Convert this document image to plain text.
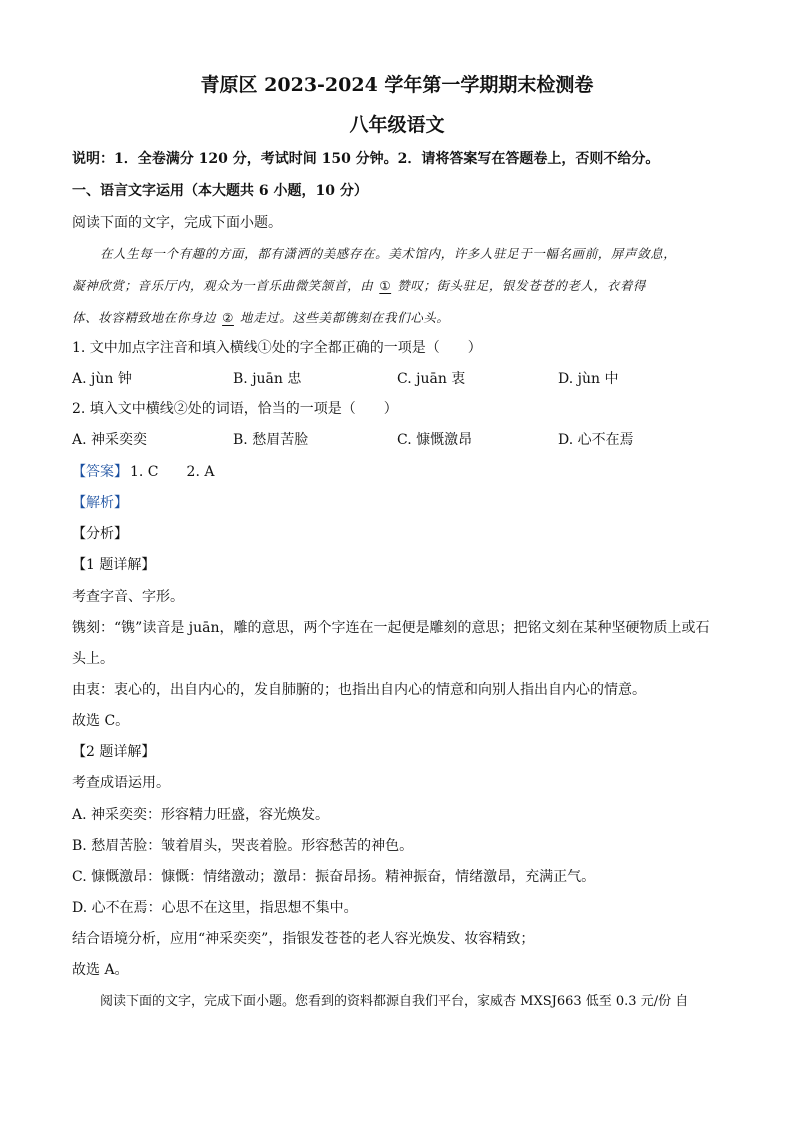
青原区 2023-2024 学年第一学期期末检测卷
八年级语文
说明：1．全卷满分 120 分，考试时间 150 分钟。2．请将答案写在答题卷上，否则不给分。
一、语言文字运用（本大题共 6 小题，10 分）
阅读下面的文字，完成下面小题。
在人生每一个有趣的方面，都有潇洒的美感存在。美术馆内，许多人驻足于一幅名画前，屏声敛息，
凝神欣赏；音乐厅内，观众为一首乐曲微笑颔首，由 ① 赞叹；街头驻足，银发苍苍的老人，衣着得
体、妆容精致地在你身边 ② 地走过。这些美都镌刻在我们心头。
1. 文中加点字注音和填入横线①处的字全都正确的一项是（　　）
A. jùn 钟	B. juān 忠	C. juān 衷	D. jùn 中
2. 填入文中横线②处的词语，恰当的一项是（　　）
A. 神采奕奕	B. 愁眉苦脸	C. 慷慨激昂	D. 心不在焉
【答案】 1. C 2. A
【解析】
【分析】
【1 题详解】
考查字音、字形。
镌刻：“镌”读音是 juān，雕的意思，两个字连在一起便是雕刻的意思；把铭文刻在某种坚硬物质上或石
头上。
由衷：衷心的，出自内心的，发自肺腑的；也指出自内心的情意和向别人指出自内心的情意。
故选 C。
【2 题详解】
考查成语运用。
A. 神采奕奕：形容精力旺盛，容光焕发。
B. 愁眉苦脸：皱着眉头，哭丧着脸。形容愁苦的神色。
C. 慷慨激昂：慷慨：情绪激动；激昂：振奋昂扬。精神振奋，情绪激昂，充满正气。
D. 心不在焉：心思不在这里，指思想不集中。
结合语境分析，应用“神采奕奕”，指银发苍苍的老人容光焕发、妆容精致；
故选 A。
阅读下面的文字，完成下面小题。您看到的资料都源自我们平台，家威杏 MXSJ663 低至 0.3 元/份 自
